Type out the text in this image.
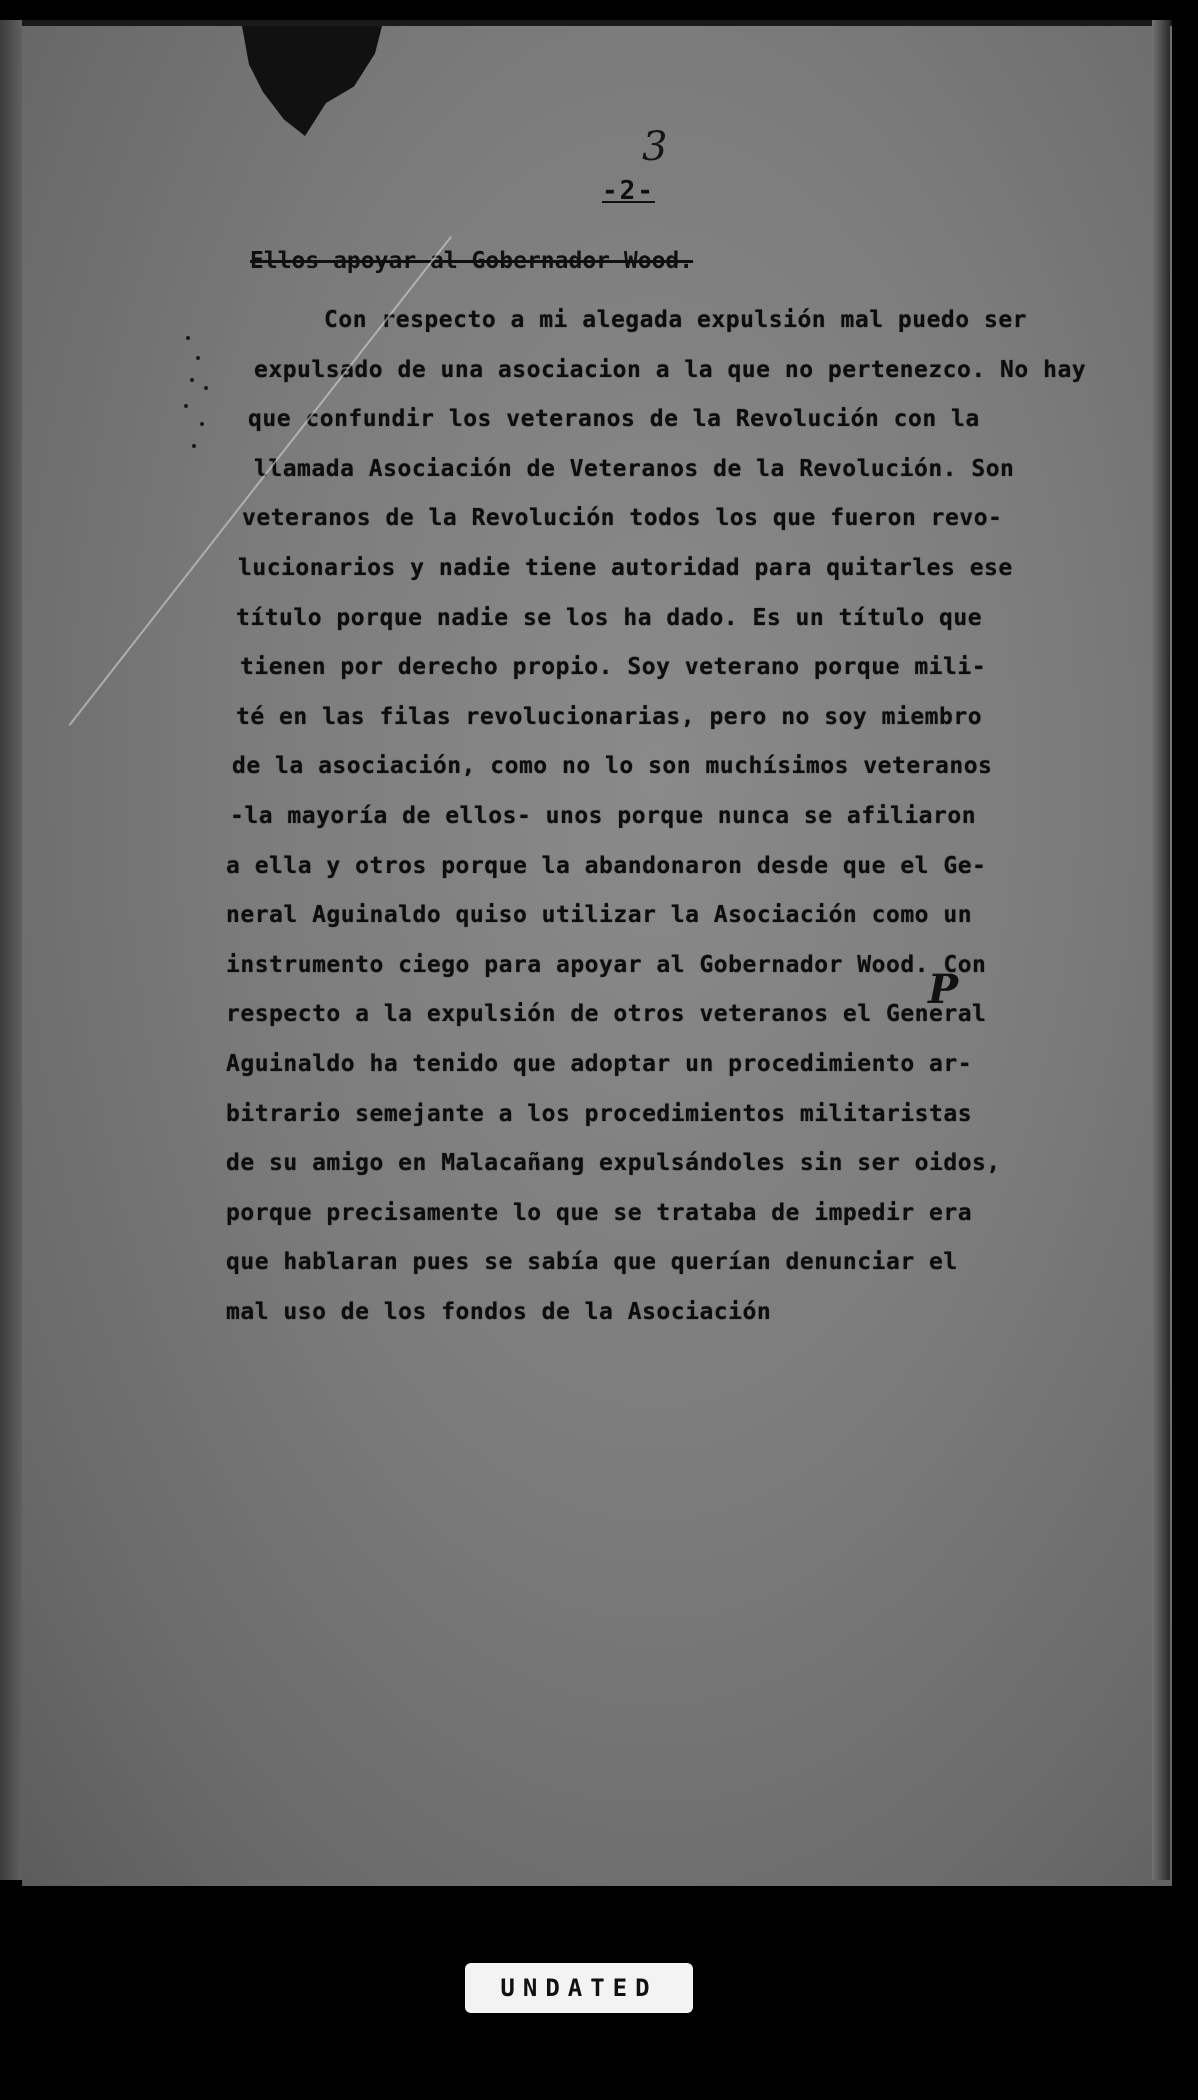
3
-2-
Ellos apoyar al Gobernador Wood.
Con respecto a mi alegada expulsión mal puedo ser
expulsado de una asociacion a la que no pertenezco. No hay
que confundir los veteranos de la Revolución con la
llamada Asociación de Veteranos de la Revolución. Son
veteranos de la Revolución todos los que fueron revo-
lucionarios y nadie tiene autoridad para quitarles ese
título porque nadie se los ha dado. Es un título que
tienen por derecho propio. Soy veterano porque mili-
té en las filas revolucionarias, pero no soy miembro
de la asociación, como no lo son muchísimos veteranos
-la mayoría de ellos- unos porque nunca se afiliaron
a ella y otros porque la abandonaron desde que el Ge-
neral Aguinaldo quiso utilizar la Asociación como un
instrumento ciego para apoyar al Gobernador Wood. Con
respecto a la expulsión de otros veteranos el General
Aguinaldo ha tenido que adoptar un procedimiento ar-
bitrario semejante a los procedimientos militaristas
de su amigo en Malacañang expulsándoles sin ser oidos,
porque precisamente lo que se trataba de impedir era
que hablaran pues se sabía que querían denunciar el
mal uso de los fondos de la Asociación
P
UNDATED
